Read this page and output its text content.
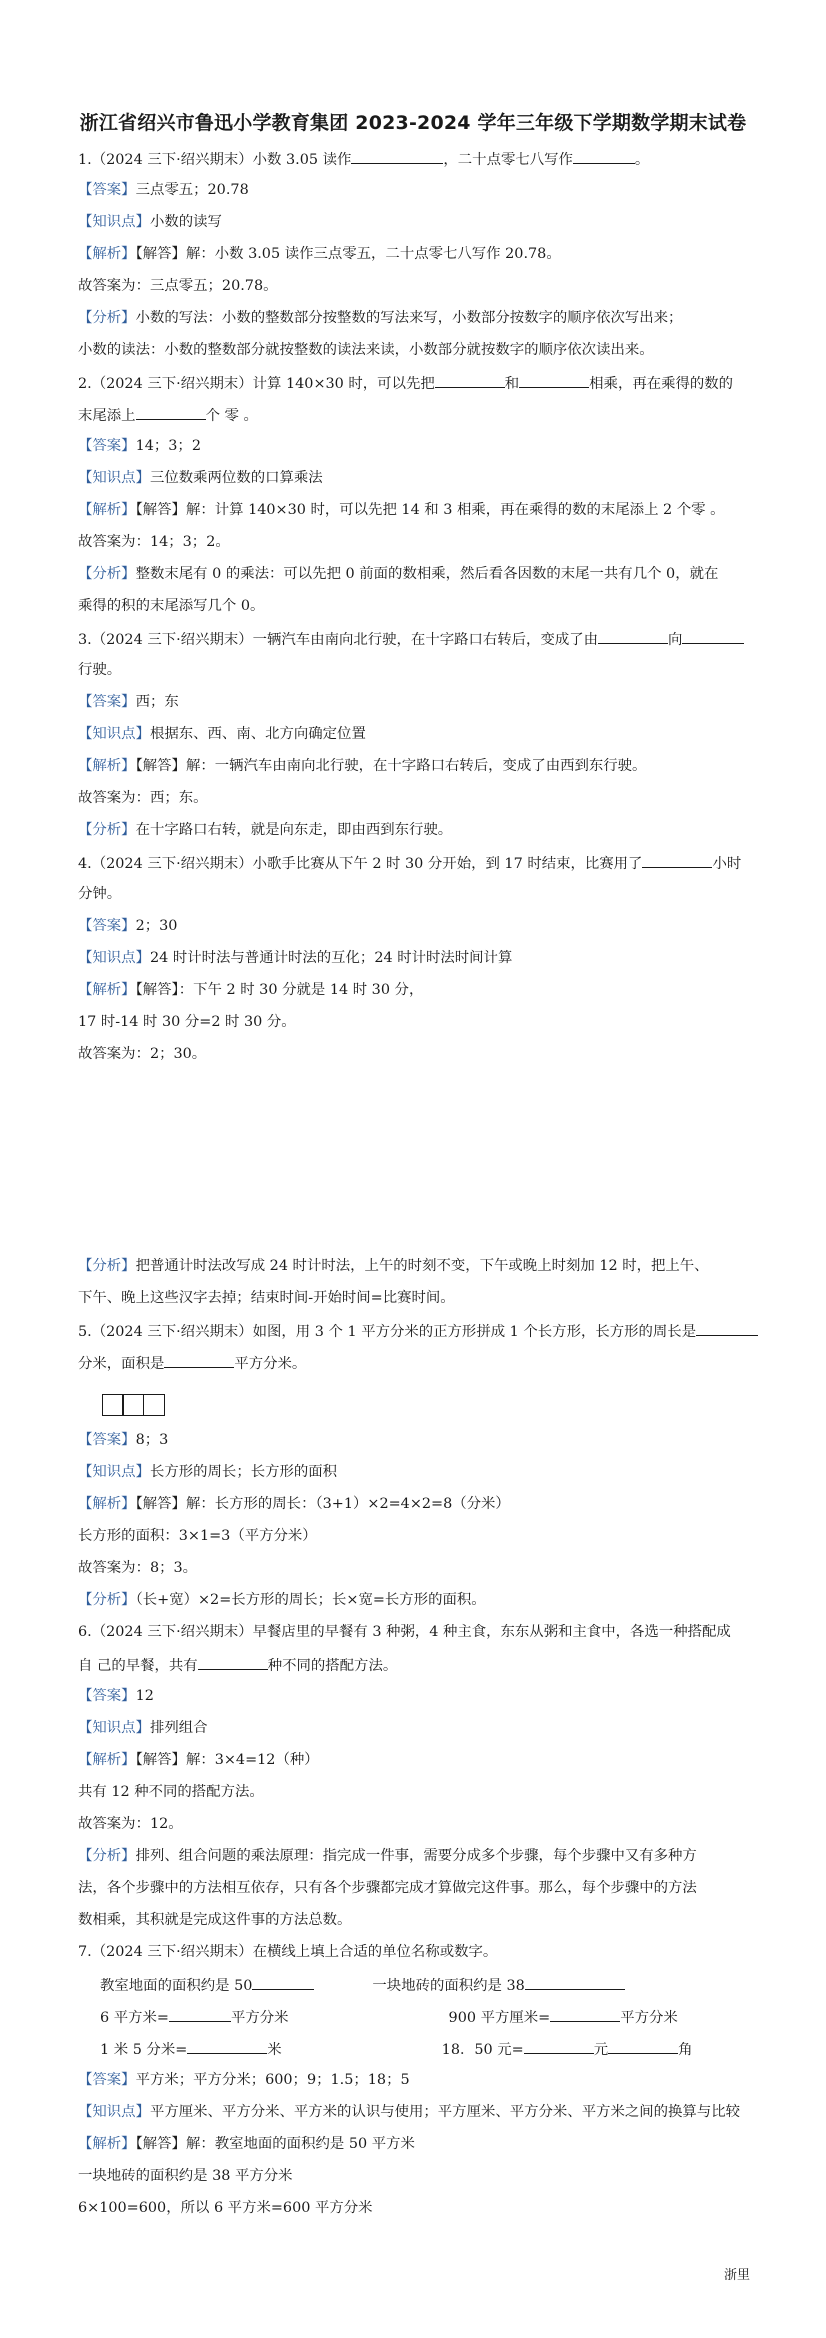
浙江省绍兴市鲁迅小学教育集团 2023-2024 学年三年级下学期数学期末试卷
1.（2024 三下·绍兴期末）小数 3.05 读作	，二十点零七八写作	。
【答案】三点零五；20.78
【知识点】小数的读写
【解析】【解答】解：小数 3.05 读作三点零五，二十点零七八写作 20.78。
故答案为：三点零五；20.78。
【分析】小数的写法：小数的整数部分按整数的写法来写，小数部分按数字的顺序依次写出来；
小数的读法：小数的整数部分就按整数的读法来读，小数部分就按数字的顺序依次读出来。
2.（2024 三下·绍兴期末）计算 140×30 时，可以先把	和	相乘，再在乘得的数的
末尾添上	个 零 。
【答案】14；3；2
【知识点】三位数乘两位数的口算乘法
【解析】【解答】解：计算 140×30 时，可以先把 14 和 3 相乘，再在乘得的数的末尾添上 2 个零 。
故答案为：14；3；2。
【分析】整数末尾有 0 的乘法：可以先把 0 前面的数相乘，然后看各因数的末尾一共有几个 0，就在
乘得的积的末尾添写几个 0。
3.（2024 三下·绍兴期末）一辆汽车由南向北行驶，在十字路口右转后，变成了由	向
行驶。
【答案】西；东
【知识点】根据东、西、南、北方向确定位置
【解析】【解答】解：一辆汽车由南向北行驶，在十字路口右转后，变成了由西到东行驶。
故答案为：西；东。
【分析】在十字路口右转，就是向东走，即由西到东行驶。
4.（2024 三下·绍兴期末）小歌手比赛从下午 2 时 30 分开始，到 17 时结束，比赛用了	小时
分钟。
【答案】2；30
【知识点】24 时计时法与普通计时法的互化；24 时计时法时间计算
【解析】【解答】：下午 2 时 30 分就是 14 时 30 分，
17 时-14 时 30 分=2 时 30 分。
故答案为：2；30。
【分析】把普通计时法改写成 24 时计时法，上午的时刻不变，下午或晚上时刻加 12 时，把上午、
下午、晚上这些汉字去掉；结束时间-开始时间=比赛时间。
5.（2024 三下·绍兴期末）如图，用 3 个 1 平方分米的正方形拼成 1 个长方形，长方形的周长是
分米，面积是	平方分米。
【答案】8；3
【知识点】长方形的周长；长方形的面积
【解析】【解答】解：长方形的周长：（3+1）×2=4×2=8（分米）
长方形的面积：3×1=3（平方分米）
故答案为：8；3。
【分析】（长+宽）×2=长方形的周长；长×宽=长方形的面积。
6.（2024 三下·绍兴期末）早餐店里的早餐有 3 种粥，4 种主食，东东从粥和主食中，各选一种搭配成
自 己的早餐，共有	种不同的搭配方法。
【答案】12
【知识点】排列组合
【解析】【解答】解：3×4=12（种）
共有 12 种不同的搭配方法。
故答案为：12。
【分析】排列、组合问题的乘法原理：指完成一件事，需要分成多个步骤，每个步骤中又有多种方
法，各个步骤中的方法相互依存，只有各个步骤都完成才算做完这件事。那么，每个步骤中的方法
数相乘，其积就是完成这件事的方法总数。
7.（2024 三下·绍兴期末）在横线上填上合适的单位名称或数字。
教室地面的面积约是 50	一块地砖的面积约是 38
6 平方米=	平方分米	900 平方厘米=	平方分米
1 米 5 分米=	米	18．50 元=	元	角
【答案】平方米；平方分米；600；9；1.5；18；5
【知识点】平方厘米、平方分米、平方米的认识与使用；平方厘米、平方分米、平方米之间的换算与比较
【解析】【解答】解：教室地面的面积约是 50 平方米
一块地砖的面积约是 38 平方分米
6×100=600，所以 6 平方米=600 平方分米
浙里
